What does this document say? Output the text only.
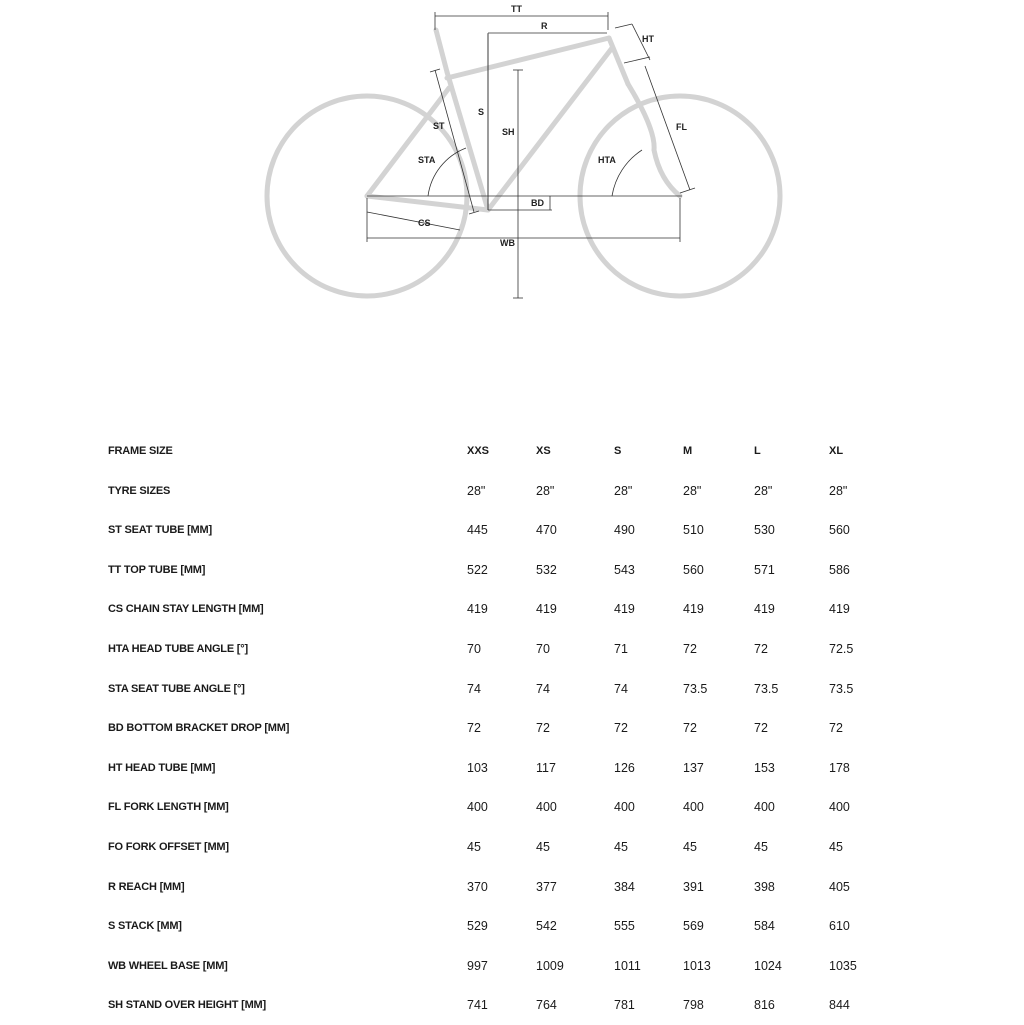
TT
R
HT
S
SH
ST
STA
FL
HTA
BD
CS
WB
FRAME SIZE	XXS	XS	S	M	L	XL
TYRE SIZES	28"	28"	28"	28"	28"	28"
ST SEAT TUBE [MM]	445	470	490	510	530	560
TT TOP TUBE [MM]	522	532	543	560	571	586
CS CHAIN STAY LENGTH [MM]	419	419	419	419	419	419
HTA HEAD TUBE ANGLE [°]	70	70	71	72	72	72.5
STA SEAT TUBE ANGLE [°]	74	74	74	73.5	73.5	73.5
BD BOTTOM BRACKET DROP [MM]	72	72	72	72	72	72
HT HEAD TUBE [MM]	103	117	126	137	153	178
FL FORK LENGTH [MM]	400	400	400	400	400	400
FO FORK OFFSET [MM]	45	45	45	45	45	45
R REACH [MM]	370	377	384	391	398	405
S STACK [MM]	529	542	555	569	584	610
WB WHEEL BASE [MM]	997	1009	1011	1013	1024	1035
SH STAND OVER HEIGHT [MM]	741	764	781	798	816	844
